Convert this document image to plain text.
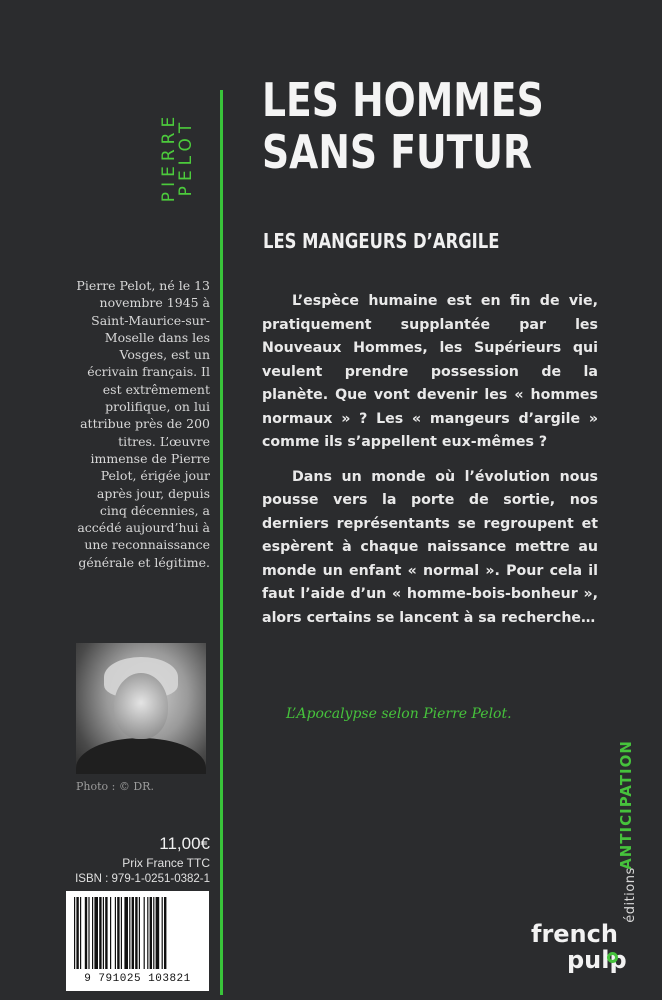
PIERRE PELOT
Pierre Pelot, né le 13 novembre 1945 à Saint-Maurice-sur-Moselle dans les Vosges, est un écrivain français. Il est extrêmement prolifique, on lui attribue près de 200 titres. L’œuvre immense de Pierre Pelot, érigée jour après jour, depuis cinq décennies, a accédé aujourd’hui à une reconnaissance générale et légitime.
Photo : © DR.
11,00€
Prix France TTC
ISBN : 979-1-0251-0382-1
9 791025 103821
LES HOMMES
SANS FUTUR
LES MANGEURS D’ARGILE

L’espèce humaine est en fin de vie, pratiquement supplantée par les Nouveaux Hommes, les Supérieurs qui veulent prendre possession de la planète. Que vont devenir les « hommes normaux » ? Les « mangeurs d’argile » comme ils s’appellent eux-mêmes ?

Dans un monde où l’évolution nous pousse vers la porte de sortie, nos derniers représentants se regroupent et espèrent à chaque naissance mettre au monde un enfant « normal ». Pour cela il faut l’aide d’un « homme-bois-bonheur », alors certains se lancent à sa recherche…

L’Apocalypse selon Pierre Pelot.
ANTICIPATION
éditions
french
pulp
